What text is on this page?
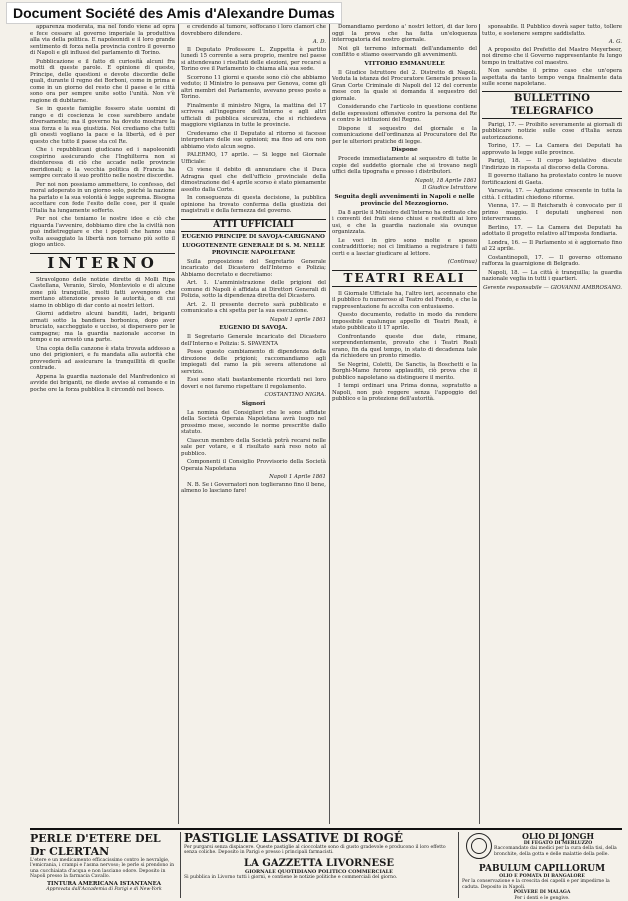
Document Société des Amis d'Alexandre Dumas

apparenza moderata, ma nel fondo viene ad opra e fece cessare al governo imperiale la produttiva alla via della politica. E napoleonidi e il loro grande sentimento di forza nella provincia contro il governo di Napoli e gli influssi del parlamento di Torino.

Pubblicazione e il fatto di curiosità alcuni fra motti di queste parole. E opinione di queste, Principe, delle questioni e devote discordie delle quali, durante il regno dei Borboni, come in prima e come in un giorno del resto che il paese e le città sono ora per sempre unite sotto l'unità. Non v'è ragione di dubitarne.

Se in queste famiglie fossero state uomini di rango e di coscienza le cose sarebbero andate diversamente; ma il governo ha dovuto mostrare la sua forza e la sua giustizia. Noi crediamo che tutti gli onesti vogliano la pace e la libertà, ed è per questo che tutto il paese sta col Re.

Che i repubblicani giudicano ed i napoleonidi cospirino assicurando che l'Inghilterra non si disinteressa di ciò che accade nelle provincie meridionali; e la vecchia politica di Francia ha sempre cercato il suo profitto nelle nostre discordie.

Per noi non possiamo ammettere, lo confesso, del moral adoperato in un giorno solo, poiché la nazione ha parlato e la sua volontà è legge suprema. Bisogna accettare con fede l'esito delle cose, per il quale l'Italia ha lungamente sofferto.

Per noi che teniamo le nostre idee e ciò che riguarda l'avvenire, dobbiamo dire che la civiltà non può indietreggiare e che i popoli che hanno una volta assaggiato la libertà non tornano più sotto il giogo antico.

INTERNO

Stravolgono delle notizie dirette di Molli Ripa Castellana, Veranio, Sirolo, Monteviolo e di alcune zone più tranquille, molti fatti avvengono che meritano attenzione presso le autorità, e di cui siamo in obbligo di dar conto ai nostri lettori.

Giorni addietro alcuni banditi, ladri, briganti armati sotto la bandiera borbonica, dopo aver bruciato, saccheggiato e ucciso, si dispersero per le campagne; ma la guardia nazionale accorse in tempo e ne arrestò una parte.

Una copia della canzone è stata trovata addosso a uno dei prigionieri, e fu mandata alla autorità che provvederà ad assicurare la tranquillità di quelle contrade.

Appena la guardia nazionale del Manfredonico si avvide dei briganti, ne diede avviso al comando e in poche ore la forza pubblica li circondò nel bosco.

e credendo al tumore, soffocano i loro clamori che dovrebbero difendere.

A. D.

Il Deputato Professore L. Zuppetta è partito lunedì 15 corrente a sera proprio, mentre nel paese si attendevano i risultati delle elezioni, per recarsi a Torino ove il Parlamento lo chiama alla sua sede.

Scorrono 11 giorni e queste sono ciò che abbiamo veduto; il Ministro lo pensava per Genova, come gli altri membri del Parlamento, avevano preso posto a Torino.

Finalmente il ministro Nigra, la mattina del 17 scriveva all'ingegnere dell'Interno e agli altri ufficiali di pubblica sicurezza, che si richiedeva maggiore vigilanza in tutte le provincie.

Credevamo che il Deputato al ritorno si facesse interpretare delle sue opinioni; ma fino ad ora non abbiamo visto alcun segno.

PALERMO, 17 aprile. — Si legge nel Giornale Ufficiale:

Ci viene il debito di annunziare che il Duca Adragna quel che dell'ufficio provinciale della dimostrazione del 4 aprile scorso è stato pienamente assolto dalla Corte.

In conseguenza di questa decisione, la pubblica opinione ha trovato conferma della giustizia dei magistrati e della fermezza del governo.

ATTI UFFICIALI
EUGENIO PRINCIPE DI SAVOJA-CARIGNANO
LUOGOTENENTE GENERALE DI S. M. NELLE PROVINCIE NAPOLETANE

Sulla proposizione del Segretario Generale incaricato del Dicastero dell'Interno e Polizia; Abbiamo decretato e decretiamo:

Art. 1. L'amministrazione delle prigioni del comune di Napoli è affidata ai Direttori Generali di Polizia, sotto la dipendenza diretta del Dicastero.

Art. 2. Il presente decreto sarà pubblicato e comunicato a chi spetta per la sua esecuzione.

Napoli 1 aprile 1861
EUGENIO DI SAVOJA.

Il Segretario Generale incaricato del Dicastero dell'Interno e Polizia: S. SPAVENTA

Posso questo cambiamento di dipendenza della direzione delle prigioni; raccomandiamo agli impiegati del ramo la più severa attenzione al servizio.

Essi sono stati bastantemente ricordati nei loro doveri e noi faremo rispettare il regolamento.

COSTANTINO NIGRA.
Signori

La nomina dei Consiglieri che le sono affidate della Società Operaia Napoletana avrà luogo nel prossimo mese, secondo le norme prescritte dallo statuto.

Ciascun membro della Società potrà recarsi nelle sale per votare, e il risultato sarà reso noto al pubblico.

Componenti il Consiglio Provvisorio della Società Operaia Napoletana

Napoli 1 Aprile 1861

N. B. Se i Governatori non toglieranno fino il bene, almeno lo lasciano fare!

Domandiamo perdono a' nostri lettori, di dar loro oggi la prova che ha fatta un'eloquenza interrogatoria del nostro giornale.

Noi gli terremo informati dell'andamento del conflitto e stiamo osservando gli avvenimenti.

VITTORIO EMMANUELE

Il Giudice Istruttore del 2. Distretto di Napoli. Veduta la istanza del Procuratore Generale presso la Gran Corte Criminale di Napoli del 12 del corrente mese con la quale si domanda il sequestro del giornale.

Considerando che l'articolo in questione contiene delle espressioni offensive contro la persona del Re e contro le istituzioni del Regno.

Dispone il sequestro del giornale e la comunicazione dell'ordinanza al Procuratore del Re per le ulteriori pratiche di legge.

Dispone

Procede immediatamente al sequestro di tutte le copie del suddetto giornale che si trovano negli uffici della tipografia e presso i distributori.

Napoli, 18 Aprile 1861
Il Giudice Istruttore
Seguita degli avvenimenti in Napoli e nelle provincie del Mezzogiorno.

Da 8 aprile il Ministro dell'Interno ha ordinato che i conventi dei frati sieno chiusi e restituiti ai loro usi, e che la guardia nazionale sia ovunque organizzata.

Le voci in giro sono molte e spesso contraddittorie; noi ci limitiamo a registrare i fatti certi e a lasciar giudicare al lettore.

(Continua)
TEATRI REALI

Il Giornale Ufficiale ha, l'altro ieri, accennato che il pubblico fu numeroso al Teatro del Fondo, e che la rappresentazione fu accolta con entusiasmo.

Questo documento, redatto in modo da rendere impossibile qualunque appello di Teatri Reali, è stato pubblicato il 17 aprile.

Confrontando queste due date, rimane, sorprendentemente, provato che i Teatri Reali erano, fin da quel tempo, in stato di decadenza tale da richiedere un pronto rimedio.

Se Negrini, Coletti, De Sanctis, la Boschetti e la Borghi-Mamo furono applauditi, ciò prova che il pubblico napoletano sa distinguere il merito.

I tempi ordinari una Prima donna, sopratutto a Napoli, non può reggere senza l'appoggio del pubblico e la protezione dell'autorità.

sponsabile. Il Pubblico dovrà saper tutto, tollere tutto, e sostenere sempre saddisfatto.

A. G.

A proposito del Prefetto del Mastro Meyerbeer, noi diremo che il Governo rappresentante fu lungo tempo in trattative col maestro.

Non sarebbe il primo caso che un'opera aspettata da tanto tempo venga finalmente data sulle scene napoletane.

BULLETTINO TELEGRAFICO

Parigi, 17. — Proibito severamente ai giornali di pubblicare notizie sulle cose d'Italia senza autorizzazione.

Torino, 17. — La Camera dei Deputati ha approvato la legge sulle province.

Parigi, 18. — Il corpo legislativo discute l'indirizzo in risposta al discorso della Corona.

Il governo italiano ha protestato contro le nuove fortificazioni di Gaeta.

Varsavia, 17. — Agitazione crescente in tutta la città. I cittadini chiedono riforme.

Vienna, 17. — Il Reichsrath è convocato per il primo maggio. I deputati ungheresi non interverranno.

Berlino, 17. — La Camera dei Deputati ha adottato il progetto relativo all'imposta fondiaria.

Londra, 16. — Il Parlamento si è aggiornato fino al 22 aprile.

Costantinopoli, 17. — Il governo ottomano rafforza la guarnigione di Belgrado.

Napoli, 18. — La città è tranquilla; la guardia nazionale veglia in tutti i quartieri.

Gerente responsabile — GIOVANNI AMBROSANO.
PERLE D'ETERE DEL Dr CLERTAN
L'etere e un medicamento efficacissimo contro le nevralgie, l'emicrania, i crampi e l'asma nervoso; le perle si prendono in una cucchiaiata d'acqua e non lasciano odore. Deposito in Napoli presso la farmacia Cavallo.
TINTURA AMERICANA ISTANTANEA
Approvata dall'Accademia di Parigi e di New-York
PASTIGLIE LASSATIVE DI ROGÉ
Per purgarsi senza dispiacere. Queste pastiglie al cioccolatte sono di gusto gradevole e producono il loro effetto senza coliche. Deposito in Parigi e presso i principali farmacisti.
LA GAZZETTA LIVORNESE
GIORNALE QUOTIDIANO POLITICO COMMERCIALE
Si pubblica in Livorno tutti i giorni, e contiene le notizie politiche e commerciali del giorno.
OLIO DI JONGH
DI FEGATO DI MERLUZZO
Raccomandato dai medici per la cura della tisi, della bronchite, della gotta e delle malattie della pelle.
PABULUM CAPILLORUM
OLIO E POMATA DI BANGALORE
Per la conservazione e la crescita dei capelli e per impedirne la caduta. Deposito in Napoli.
POLVERE DI MALAGA
Per i denti e le gengive.
